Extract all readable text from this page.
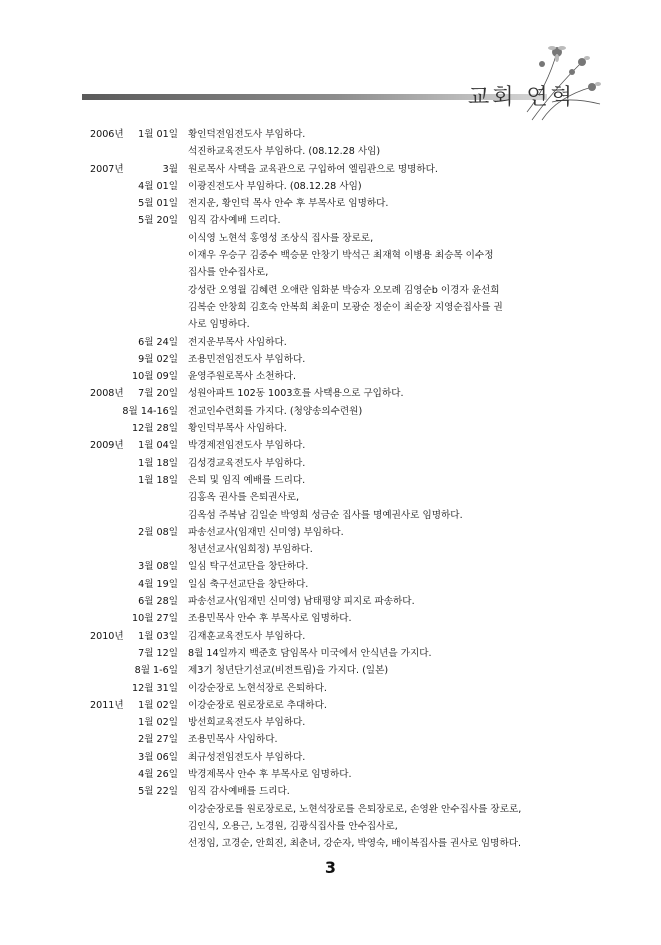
교회 연혁
2006년	1월 01일 황인덕전임전도사 부임하다.
석진하교육전도사 부임하다. (08.12.28 사임)
2007년	3월 원로목사 사택을 교육관으로 구입하여 엘림관으로 명명하다.
4월 01일 이광진전도사 부임하다. (08.12.28 사임)
5월 01일 전지운, 황인덕 목사 안수 후 부목사로 임명하다.
5월 20일 임직 감사예배 드리다.
이식영 노현석 홍영성 조상식 집사를 장로로,
이재우 우승구 김중수 백승문 안창기 박석근 최재혁 이병용 최승목 이수정
집사를 안수집사로,
강성란 오영월 김혜련 오애란 임화분 박승자 오모례 김영순b 이경자 윤선희
김복순 안창희 김호숙 안복희 최윤미 모광순 정순이 최순장 지영순집사를 권
사로 임명하다.
6월 24일 전지운부목사 사임하다.
9월 02일 조용민전임전도사 부임하다.
10월 09일 윤영주원로목사 소천하다.
2008년	7월 20일 성원아파트 102동 1003호를 사택용으로 구입하다.
8월 14-16일 전교인수련회를 가지다. (청양송의수련원)
12월 28일 황인덕부목사 사임하다.
2009년	1월 04일 박경제전임전도사 부임하다.
1월 18일 김성경교육전도사 부임하다.
1월 18일 은퇴 및 임직 예배를 드리다.
김홍옥 권사를 은퇴권사로,
김옥섬 주복남 김일순 박영희 성금순 집사를 명예권사로 임명하다.
2월 08일 파송선교사(임재민 신미영) 부임하다.
청년선교사(임희정) 부임하다.
3월 08일 일심 탁구선교단을 창단하다.
4월 19일 일심 축구선교단을 창단하다.
6월 28일 파송선교사(임재민 신미영) 남태평양 피지로 파송하다.
10월 27일 조용민목사 안수 후 부목사로 임명하다.
2010년	1월 03일 김재훈교육전도사 부임하다.
7월 12일 8월 14일까지 백준호 담임목사 미국에서 안식년을 가지다.
8월 1-6일 제3기 청년단기선교(비전트립)을 가지다. (일본)
12월 31일 이강순장로 노현석장로 은퇴하다.
2011년	1월 02일 이강순장로 원로장로로 추대하다.
1월 02일 방선희교육전도사 부임하다.
2월 27일 조용민목사 사임하다.
3월 06일 최규성전임전도사 부임하다.
4월 26일 박경제목사 안수 후 부목사로 임명하다.
5월 22일 임직 감사예배를 드리다.
이강순장로를 원로장로로, 노현석장로를 은퇴장로로, 손영완 안수집사를 장로로,
김인식, 오용근, 노경원, 김광식집사를 안수집사로,
선정임, 고경순, 안희진, 최춘녀, 강순자, 박영숙, 배이복집사를 권사로 임명하다.
3
